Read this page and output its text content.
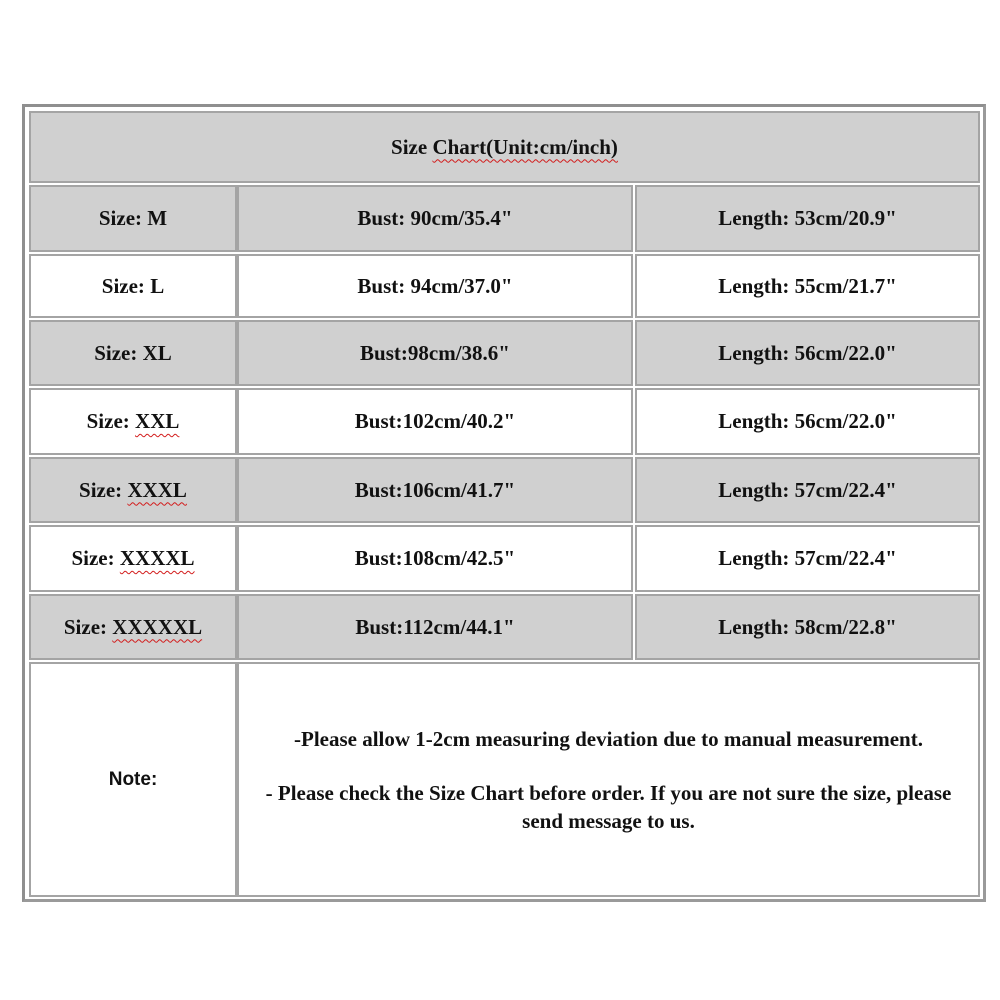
Size Chart(Unit:cm/inch)
Size: M	Bust: 90cm/35.4"	Length: 53cm/20.9"
Size: L	Bust: 94cm/37.0"	Length: 55cm/21.7"
Size: XL	Bust:98cm/38.6"	Length: 56cm/22.0"
Size: XXL	Bust:102cm/40.2"	Length: 56cm/22.0"
Size: XXXL	Bust:106cm/41.7"	Length: 57cm/22.4"
Size: XXXXL	Bust:108cm/42.5"	Length: 57cm/22.4"
Size: XXXXXL	Bust:112cm/44.1"	Length: 58cm/22.8"
Note:

-Please allow 1-2cm measuring deviation due to manual measurement.

- Please check the Size Chart before order. If you are not sure the size, please send message to us.
